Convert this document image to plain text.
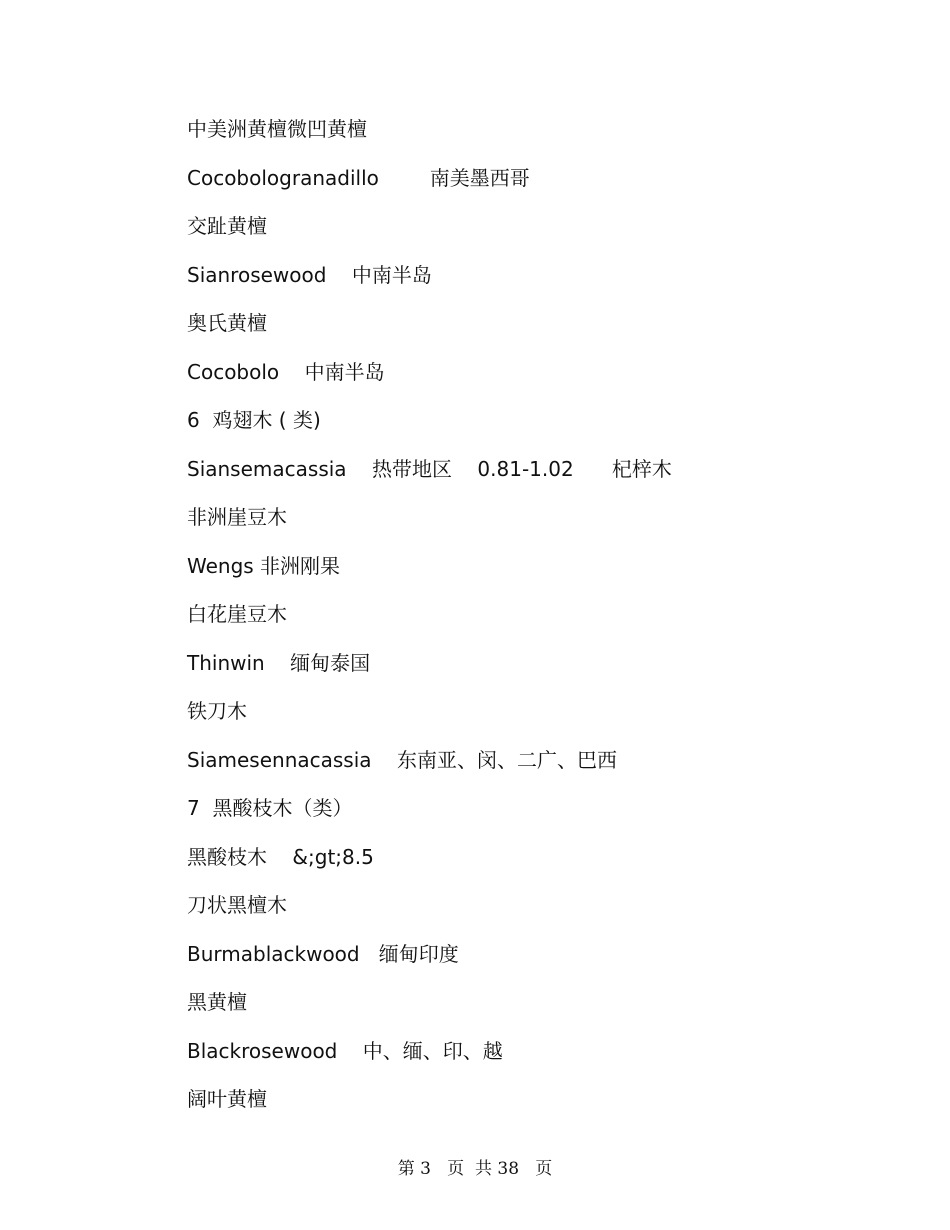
中美洲黄檀微凹黄檀
Cocobologranadillo        南美墨西哥
交趾黄檀
Sianrosewood    中南半岛
奥氏黄檀
Cocobolo    中南半岛
6  鸡翅木 ( 类)
Siansemacassia    热带地区    0.81-1.02      杞梓木
非洲崖豆木
Wengs 非洲刚果
白花崖豆木
Thinwin    缅甸泰国
铁刀木
Siamesennacassia    东南亚、闵、二广、巴西
7  黑酸枝木（类）
黑酸枝木    &;gt;8.5
刀状黑檀木
Burmablackwood   缅甸印度
黑黄檀
Blackrosewood    中、缅、印、越
阔叶黄檀
第 3   页  共 38   页
